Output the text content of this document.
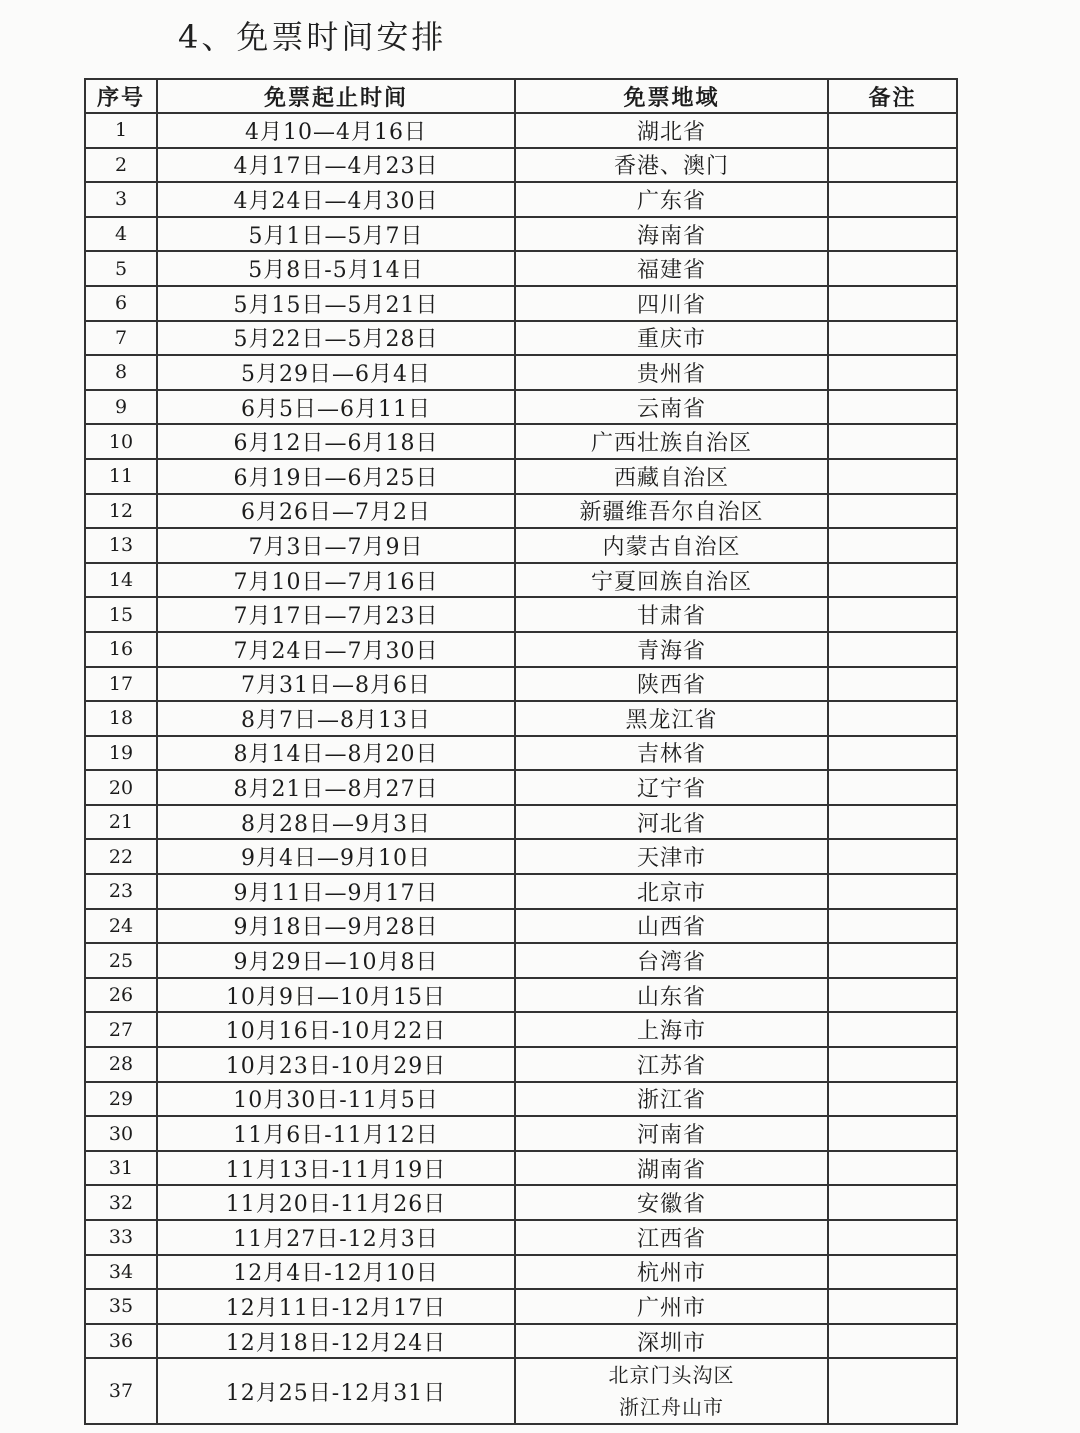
4、免票时间安排
序号	免票起止时间	免票地域	备注
1	4月10—4月16日	湖北省	
2	4月17日—4月23日	香港、澳门	
3	4月24日—4月30日	广东省	
4	5月1日—5月7日	海南省	
5	5月8日-5月14日	福建省	
6	5月15日—5月21日	四川省	
7	5月22日—5月28日	重庆市	
8	5月29日—6月4日	贵州省	
9	6月5日—6月11日	云南省	
10	6月12日—6月18日	广西壮族自治区	
11	6月19日—6月25日	西藏自治区	
12	6月26日—7月2日	新疆维吾尔自治区	
13	7月3日—7月9日	内蒙古自治区	
14	7月10日—7月16日	宁夏回族自治区	
15	7月17日—7月23日	甘肃省	
16	7月24日—7月30日	青海省	
17	7月31日—8月6日	陕西省	
18	8月7日—8月13日	黑龙江省	
19	8月14日—8月20日	吉林省	
20	8月21日—8月27日	辽宁省	
21	8月28日—9月3日	河北省	
22	9月4日—9月10日	天津市	
23	9月11日—9月17日	北京市	
24	9月18日—9月28日	山西省	
25	9月29日—10月8日	台湾省	
26	10月9日—10月15日	山东省	
27	10月16日-10月22日	上海市	
28	10月23日-10月29日	江苏省	
29	10月30日-11月5日	浙江省	
30	11月6日-11月12日	河南省	
31	11月13日-11月19日	湖南省	
32	11月20日-11月26日	安徽省	
33	11月27日-12月3日	江西省	
34	12月4日-12月10日	杭州市	
35	12月11日-12月17日	广州市	
36	12月18日-12月24日	深圳市	
37	12月25日-12月31日	北京门头沟区
浙江舟山市	
